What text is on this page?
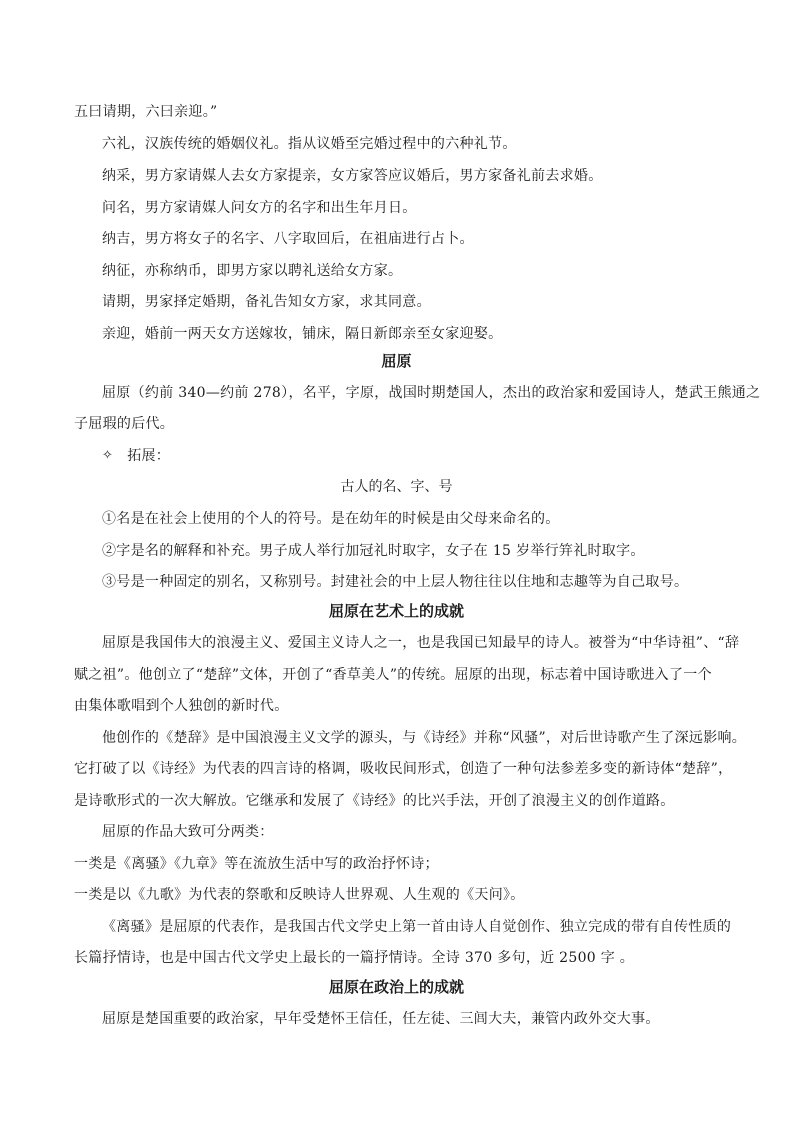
五曰请期，六曰亲迎。”
六礼，汉族传统的婚姻仪礼。指从议婚至完婚过程中的六种礼节。
纳采，男方家请媒人去女方家提亲，女方家答应议婚后，男方家备礼前去求婚。
问名，男方家请媒人问女方的名字和出生年月日。
纳吉，男方将女子的名字、八字取回后，在祖庙进行占卜。
纳征，亦称纳币，即男方家以聘礼送给女方家。
请期，男家择定婚期，备礼告知女方家，求其同意。
亲迎，婚前一两天女方送嫁妆，铺床，隔日新郎亲至女家迎娶。
屈原
屈原（约前 340—约前 278），名平，字原，战国时期楚国人，杰出的政治家和爱国诗人，楚武王熊通之
子屈瑕的后代。
✧ 拓展：
古人的名、字、号
①名是在社会上使用的个人的符号。是在幼年的时候是由父母来命名的。
②字是名的解释和补充。男子成人举行加冠礼时取字，女子在 15 岁举行笄礼时取字。
③号是一种固定的别名，又称别号。封建社会的中上层人物往往以住地和志趣等为自己取号。
屈原在艺术上的成就
屈原是我国伟大的浪漫主义、爱国主义诗人之一，也是我国已知最早的诗人。被誉为“中华诗祖”、“辞
赋之祖”。他创立了“楚辞”文体，开创了“香草美人”的传统。屈原的出现，标志着中国诗歌进入了一个
由集体歌唱到个人独创的新时代。
他创作的《楚辞》是中国浪漫主义文学的源头，与《诗经》并称“风骚”，对后世诗歌产生了深远影响。
它打破了以《诗经》为代表的四言诗的格调，吸收民间形式，创造了一种句法参差多变的新诗体“楚辞”，
是诗歌形式的一次大解放。它继承和发展了《诗经》的比兴手法，开创了浪漫主义的创作道路。
屈原的作品大致可分两类：
一类是《离骚》《九章》等在流放生活中写的政治抒怀诗；
一类是以《九歌》为代表的祭歌和反映诗人世界观、人生观的《天问》。
《离骚》是屈原的代表作，是我国古代文学史上第一首由诗人自觉创作、独立完成的带有自传性质的
长篇抒情诗，也是中国古代文学史上最长的一篇抒情诗。全诗 370 多句，近 2500 字 。
屈原在政治上的成就
屈原是楚国重要的政治家，早年受楚怀王信任，任左徒、三闾大夫，兼管内政外交大事。
